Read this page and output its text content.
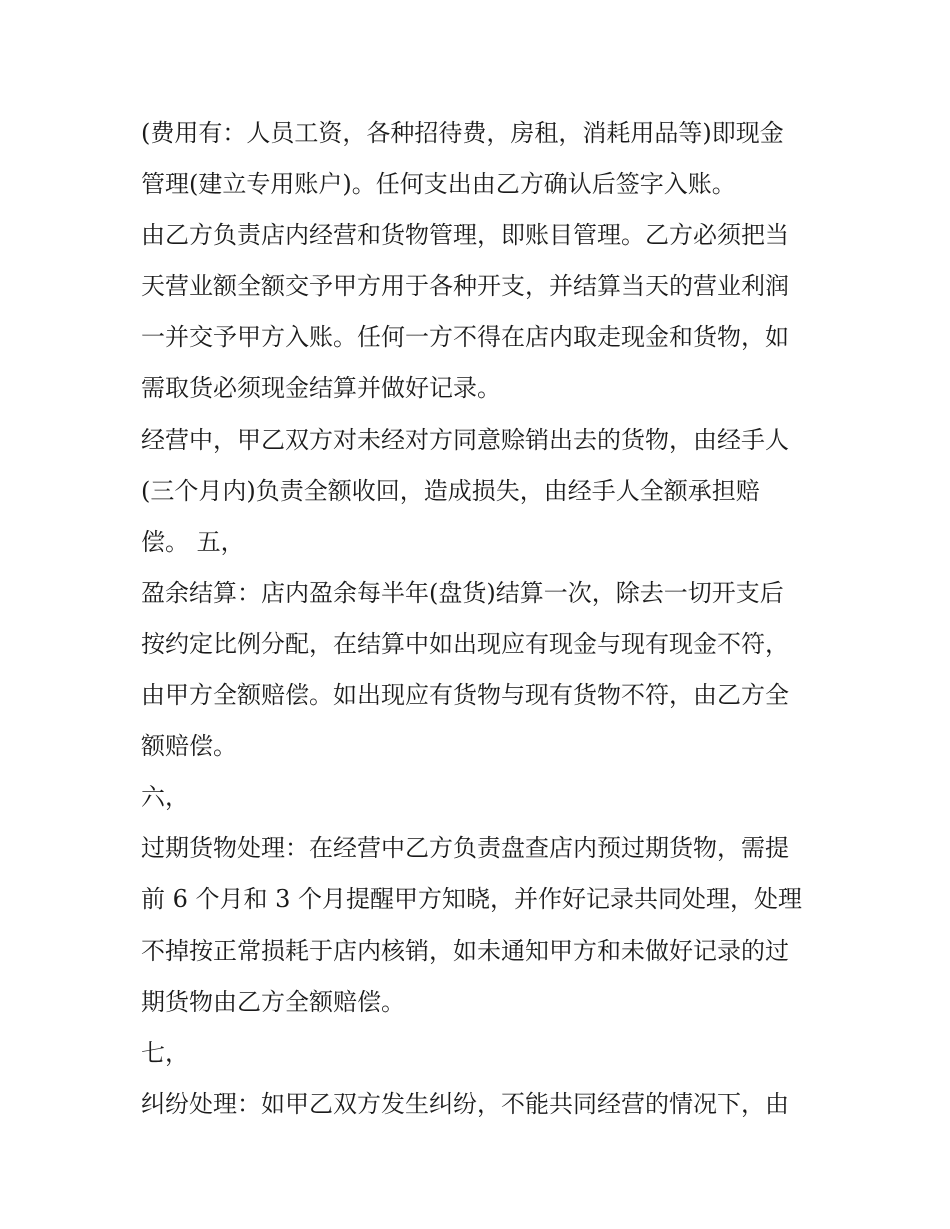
(费用有：人员工资，各种招待费，房租，消耗用品等)即现金
管理(建立专用账户)。任何支出由乙方确认后签字入账。
由乙方负责店内经营和货物管理，即账目管理。乙方必须把当
天营业额全额交予甲方用于各种开支，并结算当天的营业利润
一并交予甲方入账。任何一方不得在店内取走现金和货物，如
需取货必须现金结算并做好记录。
经营中，甲乙双方对未经对方同意赊销出去的货物，由经手人
(三个月内)负责全额收回，造成损失，由经手人全额承担赔
偿。 五，
盈余结算：店内盈余每半年(盘货)结算一次，除去一切开支后
按约定比例分配，在结算中如出现应有现金与现有现金不符，
由甲方全额赔偿。如出现应有货物与现有货物不符，由乙方全
额赔偿。
六，
过期货物处理：在经营中乙方负责盘查店内预过期货物，需提
前 6 个月和 3 个月提醒甲方知晓，并作好记录共同处理，处理
不掉按正常损耗于店内核销，如未通知甲方和未做好记录的过
期货物由乙方全额赔偿。
七，
纠纷处理：如甲乙双方发生纠纷，不能共同经营的情况下，由
